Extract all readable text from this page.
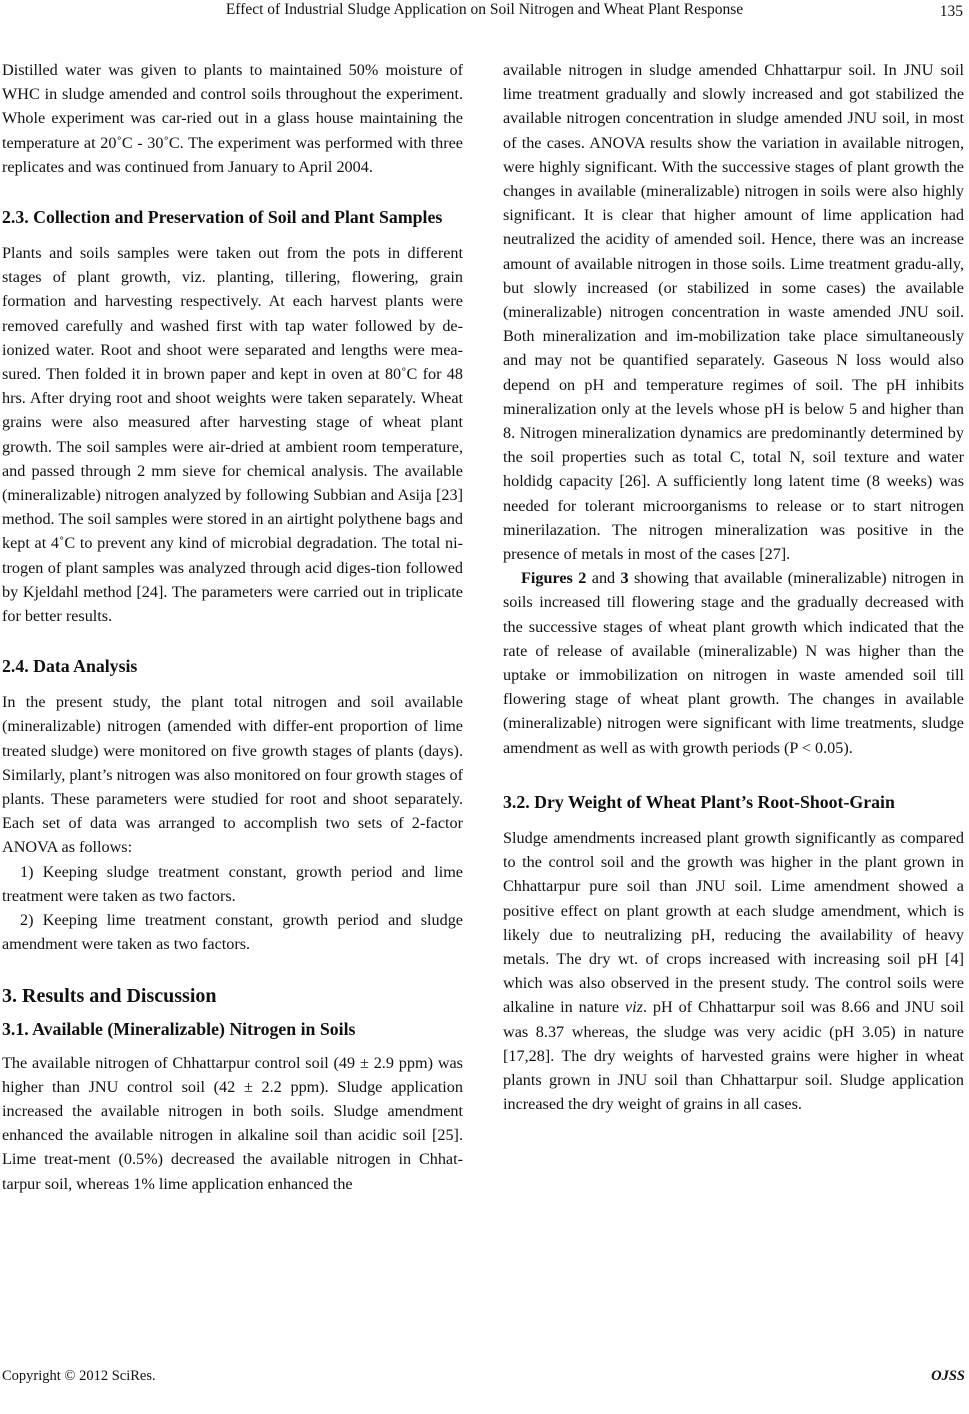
Effect of Industrial Sludge Application on Soil Nitrogen and Wheat Plant Response	135

Distilled water was given to plants to maintained 50% moisture of WHC in sludge amended and control soils throughout the experiment. Whole experiment was car-ried out in a glass house maintaining the temperature at 20˚C - 30˚C. The experiment was performed with three replicates and was continued from January to April 2004.

2.3. Collection and Preservation of Soil and Plant Samples

Plants and soils samples were taken out from the pots in different stages of plant growth, viz. planting, tillering, flowering, grain formation and harvesting respectively. At each harvest plants were removed carefully and washed first with tap water followed by de-ionized water. Root and shoot were separated and lengths were mea-sured. Then folded it in brown paper and kept in oven at 80˚C for 48 hrs. After drying root and shoot weights were taken separately. Wheat grains were also measured after harvesting stage of wheat plant growth. The soil samples were air-dried at ambient room temperature, and passed through 2 mm sieve for chemical analysis. The available (mineralizable) nitrogen analyzed by following Subbian and Asija [23] method. The soil samples were stored in an airtight polythene bags and kept at 4˚C to prevent any kind of microbial degradation. The total ni-trogen of plant samples was analyzed through acid diges-tion followed by Kjeldahl method [24]. The parameters were carried out in triplicate for better results.

2.4. Data Analysis

In the present study, the plant total nitrogen and soil available (mineralizable) nitrogen (amended with differ-ent proportion of lime treated sludge) were monitored on five growth stages of plants (days). Similarly, plant’s nitrogen was also monitored on four growth stages of plants. These parameters were studied for root and shoot separately. Each set of data was arranged to accomplish two sets of 2-factor ANOVA as follows:

1) Keeping sludge treatment constant, growth period and lime treatment were taken as two factors.

2) Keeping lime treatment constant, growth period and sludge amendment were taken as two factors.

3. Results and Discussion
3.1. Available (Mineralizable) Nitrogen in Soils

The available nitrogen of Chhattarpur control soil (49 ± 2.9 ppm) was higher than JNU control soil (42 ± 2.2 ppm). Sludge application increased the available nitrogen in both soils. Sludge amendment enhanced the available nitrogen in alkaline soil than acidic soil [25]. Lime treat-ment (0.5%) decreased the available nitrogen in Chhat-tarpur soil, whereas 1% lime application enhanced the

available nitrogen in sludge amended Chhattarpur soil. In JNU soil lime treatment gradually and slowly increased and got stabilized the available nitrogen concentration in sludge amended JNU soil, in most of the cases. ANOVA results show the variation in available nitrogen, were highly significant. With the successive stages of plant growth the changes in available (mineralizable) nitrogen in soils were also highly significant. It is clear that higher amount of lime application had neutralized the acidity of amended soil. Hence, there was an increase amount of available nitrogen in those soils. Lime treatment gradu-ally, but slowly increased (or stabilized in some cases) the available (mineralizable) nitrogen concentration in waste amended JNU soil. Both mineralization and im-mobilization take place simultaneously and may not be quantified separately. Gaseous N loss would also depend on pH and temperature regimes of soil. The pH inhibits mineralization only at the levels whose pH is below 5 and higher than 8. Nitrogen mineralization dynamics are predominantly determined by the soil properties such as total C, total N, soil texture and water holdidg capacity [26]. A sufficiently long latent time (8 weeks) was needed for tolerant microorganisms to release or to start nitrogen minerilazation. The nitrogen mineralization was positive in the presence of metals in most of the cases [27].

Figures 2 and 3 showing that available (mineralizable) nitrogen in soils increased till flowering stage and the gradually decreased with the successive stages of wheat plant growth which indicated that the rate of release of available (mineralizable) N was higher than the uptake or immobilization on nitrogen in waste amended soil till flowering stage of wheat plant growth. The changes in available (mineralizable) nitrogen were significant with lime treatments, sludge amendment as well as with growth periods (P < 0.05).

3.2. Dry Weight of Wheat Plant’s Root-Shoot-Grain

Sludge amendments increased plant growth significantly as compared to the control soil and the growth was higher in the plant grown in Chhattarpur pure soil than JNU soil. Lime amendment showed a positive effect on plant growth at each sludge amendment, which is likely due to neutralizing pH, reducing the availability of heavy metals. The dry wt. of crops increased with increasing soil pH [4] which was also observed in the present study. The control soils were alkaline in nature viz. pH of Chhattarpur soil was 8.66 and JNU soil was 8.37 whereas, the sludge was very acidic (pH 3.05) in nature [17,28]. The dry weights of harvested grains were higher in wheat plants grown in JNU soil than Chhattarpur soil. Sludge application increased the dry weight of grains in all cases.

Copyright © 2012 SciRes.	OJSS
